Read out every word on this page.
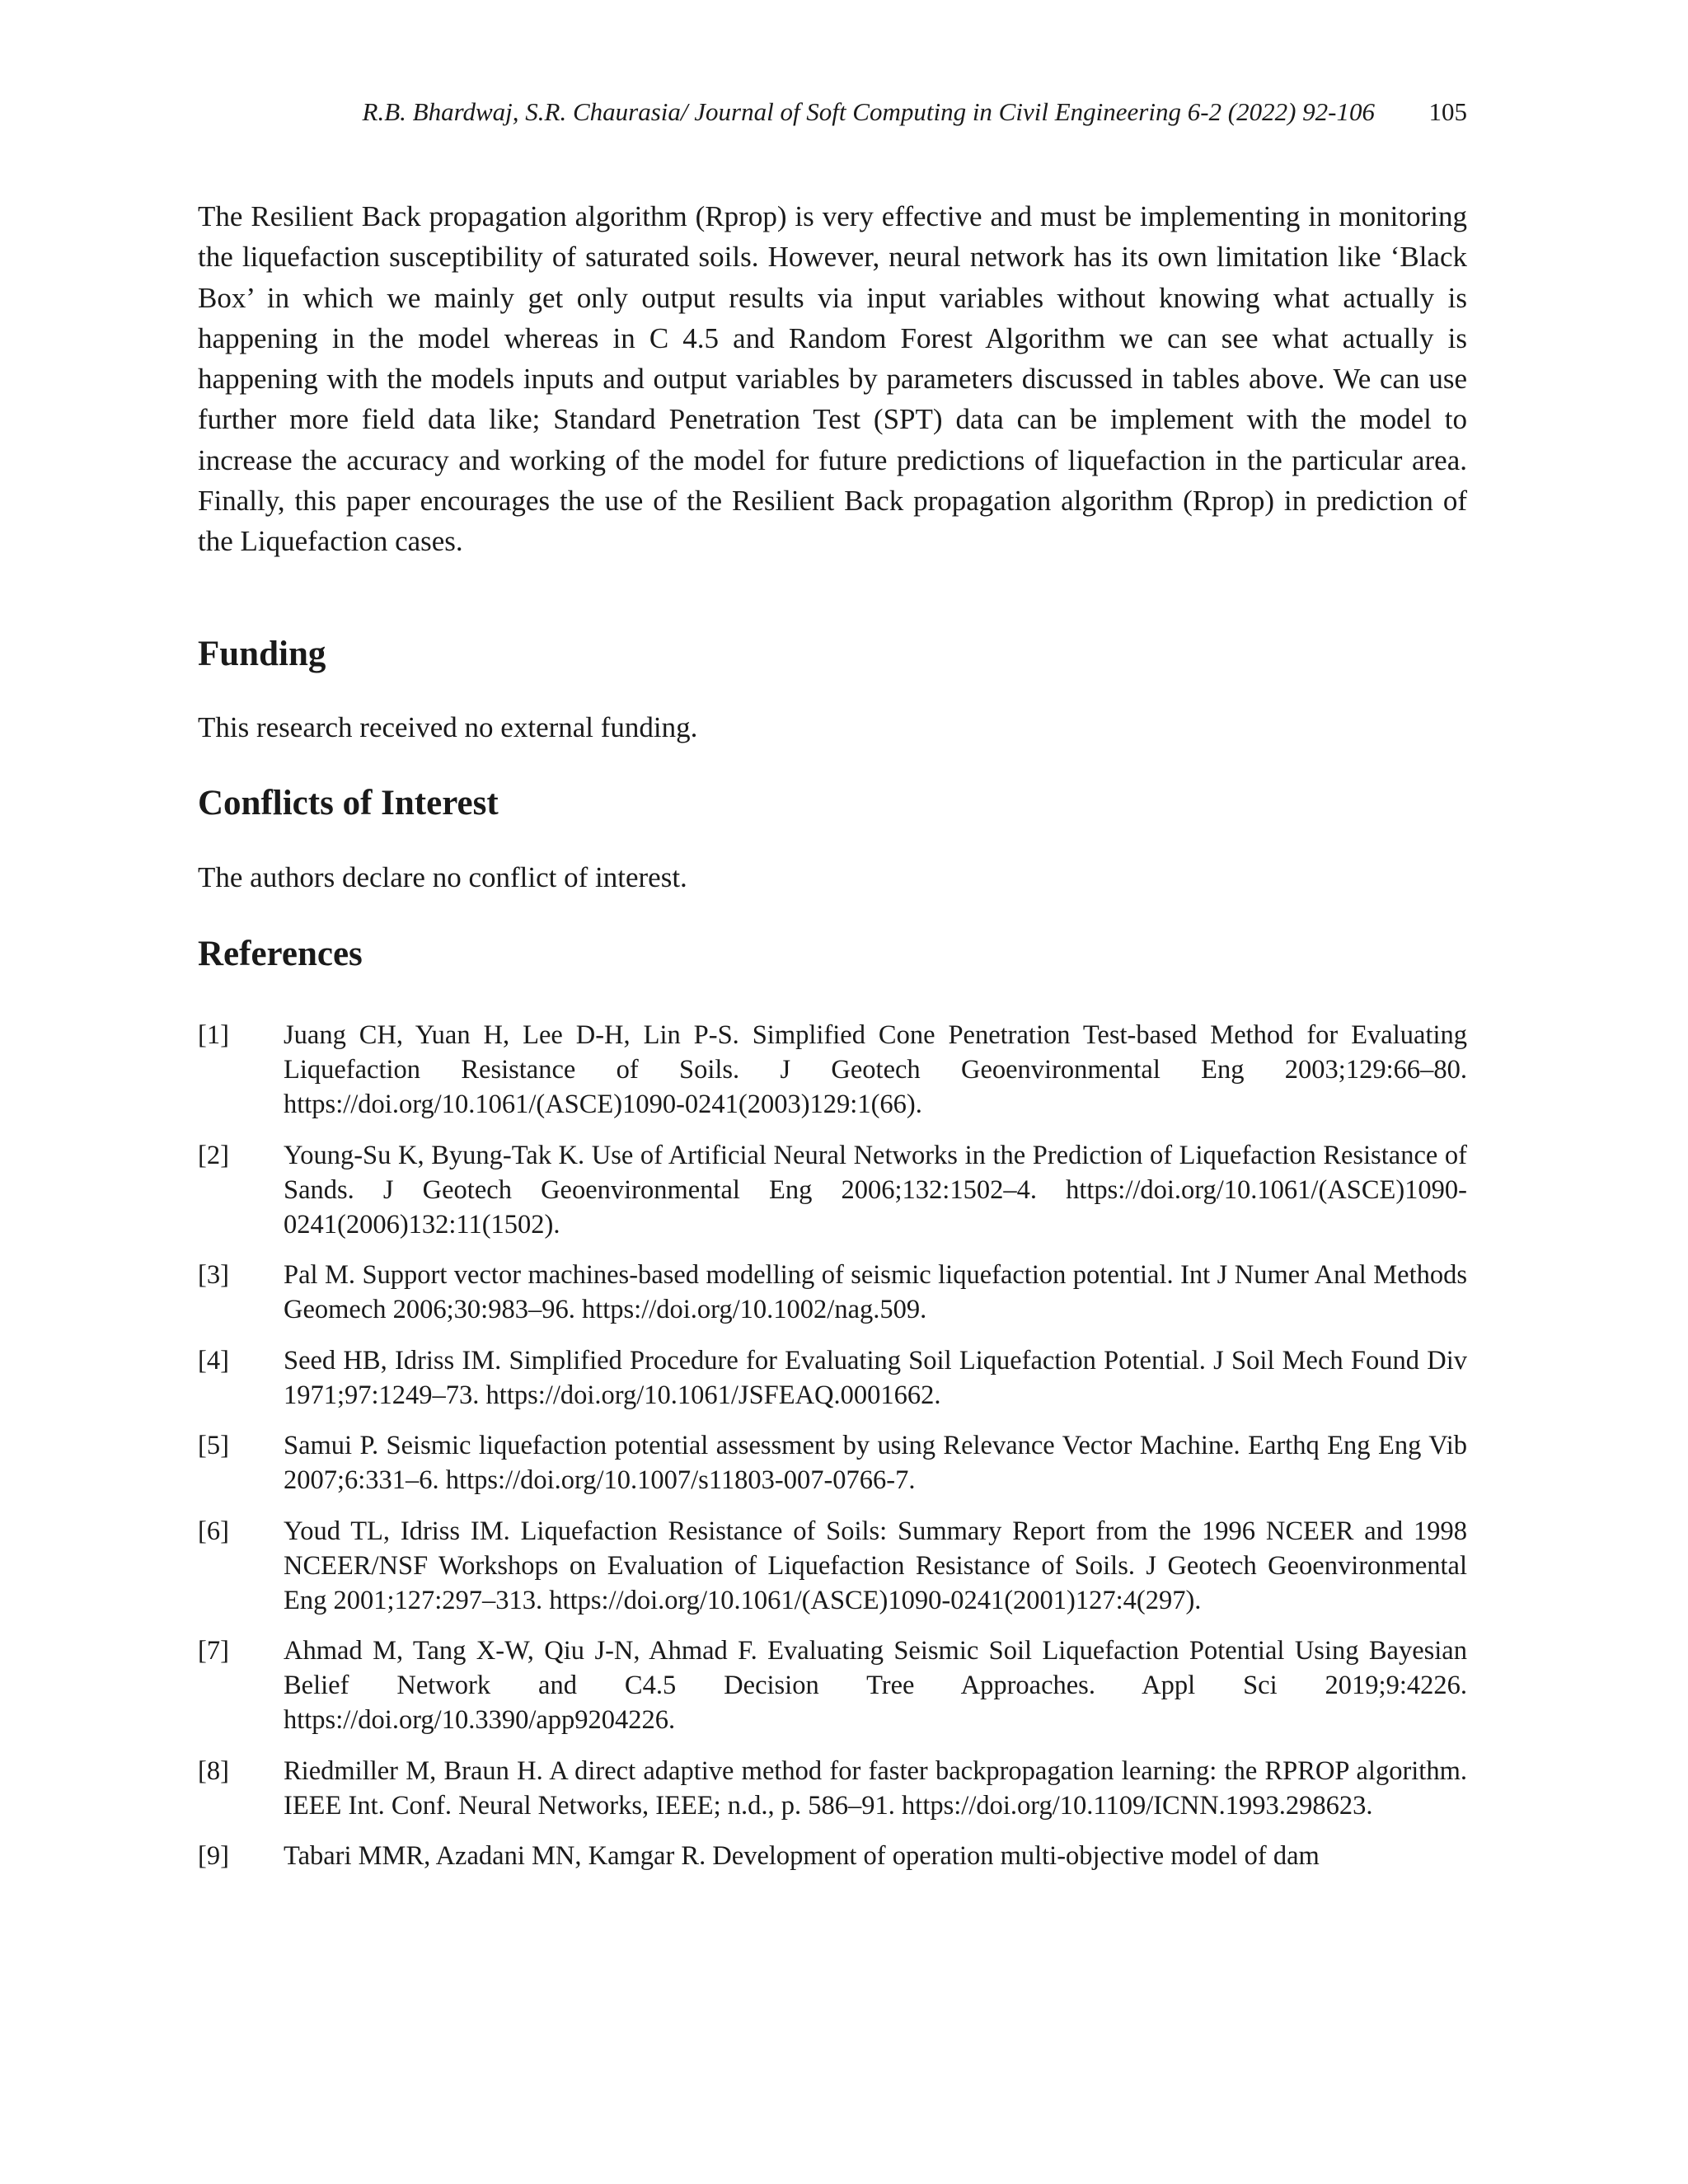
R.B. Bhardwaj, S.R. Chaurasia/ Journal of Soft Computing in Civil Engineering 6-2 (2022) 92-106 105

The Resilient Back propagation algorithm (Rprop) is very effective and must be implementing in monitoring the liquefaction susceptibility of saturated soils. However, neural network has its own limitation like ‘Black Box’ in which we mainly get only output results via input variables without knowing what actually is happening in the model whereas in C 4.5 and Random Forest Algorithm we can see what actually is happening with the models inputs and output variables by parameters discussed in tables above. We can use further more field data like; Standard Penetration Test (SPT) data can be implement with the model to increase the accuracy and working of the model for future predictions of liquefaction in the particular area. Finally, this paper encourages the use of the Resilient Back propagation algorithm (Rprop) in prediction of the Liquefaction cases.

Funding

This research received no external funding.

Conflicts of Interest

The authors declare no conflict of interest.

References
[1] Juang CH, Yuan H, Lee D-H, Lin P-S. Simplified Cone Penetration Test-based Method for Evaluating Liquefaction Resistance of Soils. J Geotech Geoenvironmental Eng 2003;129:66–80. https://doi.org/10.1061/(ASCE)1090-0241(2003)129:1(66).
[2] Young-Su K, Byung-Tak K. Use of Artificial Neural Networks in the Prediction of Liquefaction Resistance of Sands. J Geotech Geoenvironmental Eng 2006;132:1502–4. https://doi.org/10.1061/(ASCE)1090-0241(2006)132:11(1502).
[3] Pal M. Support vector machines-based modelling of seismic liquefaction potential. Int J Numer Anal Methods Geomech 2006;30:983–96. https://doi.org/10.1002/nag.509.
[4] Seed HB, Idriss IM. Simplified Procedure for Evaluating Soil Liquefaction Potential. J Soil Mech Found Div 1971;97:1249–73. https://doi.org/10.1061/JSFEAQ.0001662.
[5] Samui P. Seismic liquefaction potential assessment by using Relevance Vector Machine. Earthq Eng Eng Vib 2007;6:331–6. https://doi.org/10.1007/s11803-007-0766-7.
[6] Youd TL, Idriss IM. Liquefaction Resistance of Soils: Summary Report from the 1996 NCEER and 1998 NCEER/NSF Workshops on Evaluation of Liquefaction Resistance of Soils. J Geotech Geoenvironmental Eng 2001;127:297–313. https://doi.org/10.1061/(ASCE)1090-0241(2001)127:4(297).
[7] Ahmad M, Tang X-W, Qiu J-N, Ahmad F. Evaluating Seismic Soil Liquefaction Potential Using Bayesian Belief Network and C4.5 Decision Tree Approaches. Appl Sci 2019;9:4226. https://doi.org/10.3390/app9204226.
[8] Riedmiller M, Braun H. A direct adaptive method for faster backpropagation learning: the RPROP algorithm. IEEE Int. Conf. Neural Networks, IEEE; n.d., p. 586–91. https://doi.org/10.1109/ICNN.1993.298623.
[9] Tabari MMR, Azadani MN, Kamgar R. Development of operation multi-objective model of dam
